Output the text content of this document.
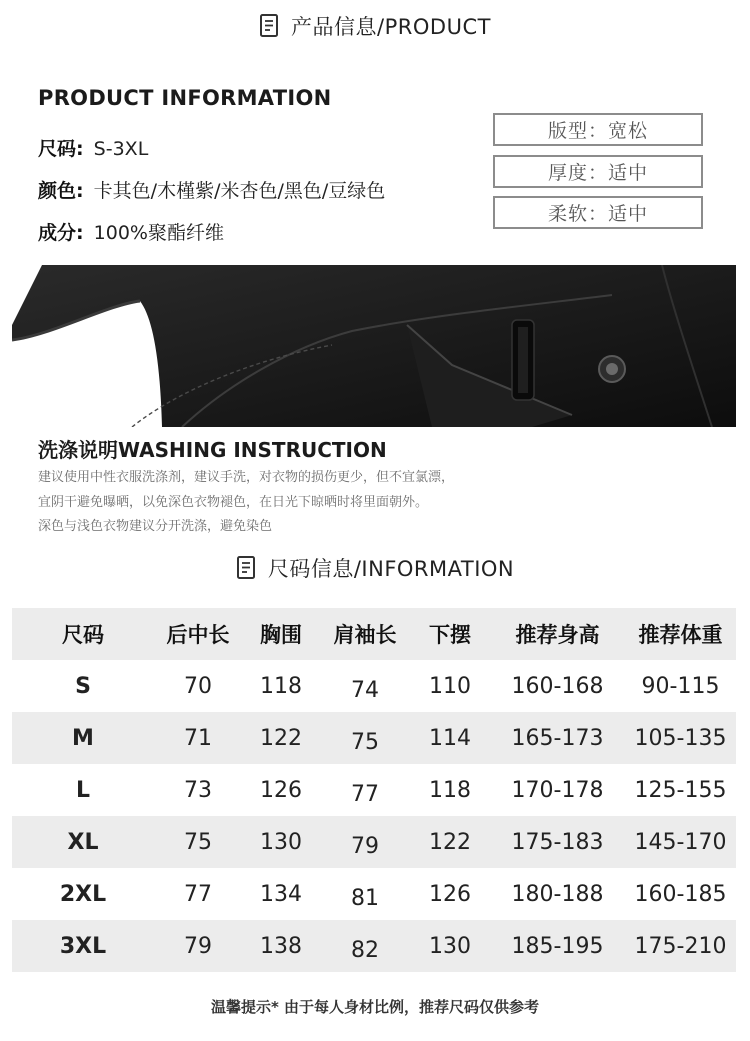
产品信息/PRODUCT
PRODUCT INFORMATION
尺码: S-3XL
颜色: 卡其色/木槿紫/米杏色/黑色/豆绿色
成分: 100%聚酯纤维
版型：宽松
厚度：适中
柔软：适中
洗涤说明WASHING INSTRUCTION
建议使用中性衣服洗涤剂，建议手洗，对衣物的损伤更少，但不宜氯漂，
宜阴干避免曝晒，以免深色衣物褪色，在日光下晾晒时将里面朝外。
深色与浅色衣物建议分开洗涤，避免染色
尺码信息/INFORMATION
尺码	后中长	胸围	肩袖长	下摆	推荐身高	推荐体重
S	70	118	74	110	160-168	90-115
M	71	122	75	114	165-173	105-135
L	73	126	77	118	170-178	125-155
XL	75	130	79	122	175-183	145-170
2XL	77	134	81	126	180-188	160-185
3XL	79	138	82	130	185-195	175-210
温馨提示* 由于每人身材比例，推荐尺码仅供参考
